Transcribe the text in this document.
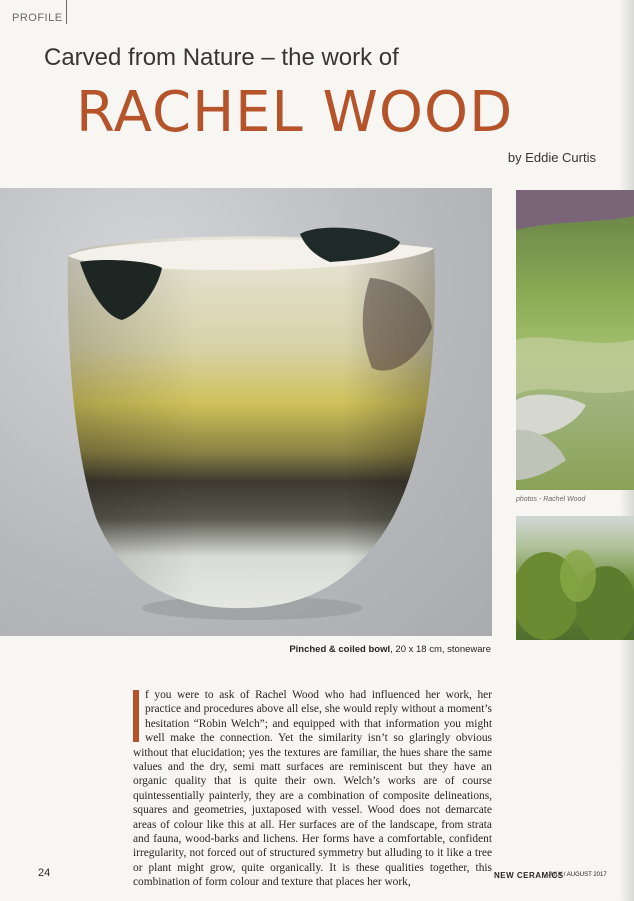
PROFILE
Carved from Nature – the work of
RACHEL WOOD
by Eddie Curtis
photos - Rachel Wood
Pinched & coiled bowl, 20 x 18 cm, stoneware
f you were to ask of Rachel Wood who had influenced her work, her practice and procedures above all else, she would reply without a moment’s hesitation “Robin Welch”; and equipped with that information you might well make the connection. Yet the similarity isn’t so glaringly obvious without that elucidation; yes the textures are familiar, the hues share the same values and the dry, semi matt surfaces are reminiscent but they have an organic quality that is quite their own. Welch’s works are of course quintessentially painterly, they are a combination of composite delineations, squares and geometries, juxtaposed with vessel. Wood does not demarcate areas of colour like this at all. Her surfaces are of the landscape, from strata and fauna, wood-barks and lichens. Her forms have a comfortable, confident irregularity, not forced out of structured symmetry but alluding to it like a tree or plant might grow, quite organically. It is these qualities together, this combination of form colour and texture that places her work,
24	NEW CERAMICS
JULY / AUGUST 2017
